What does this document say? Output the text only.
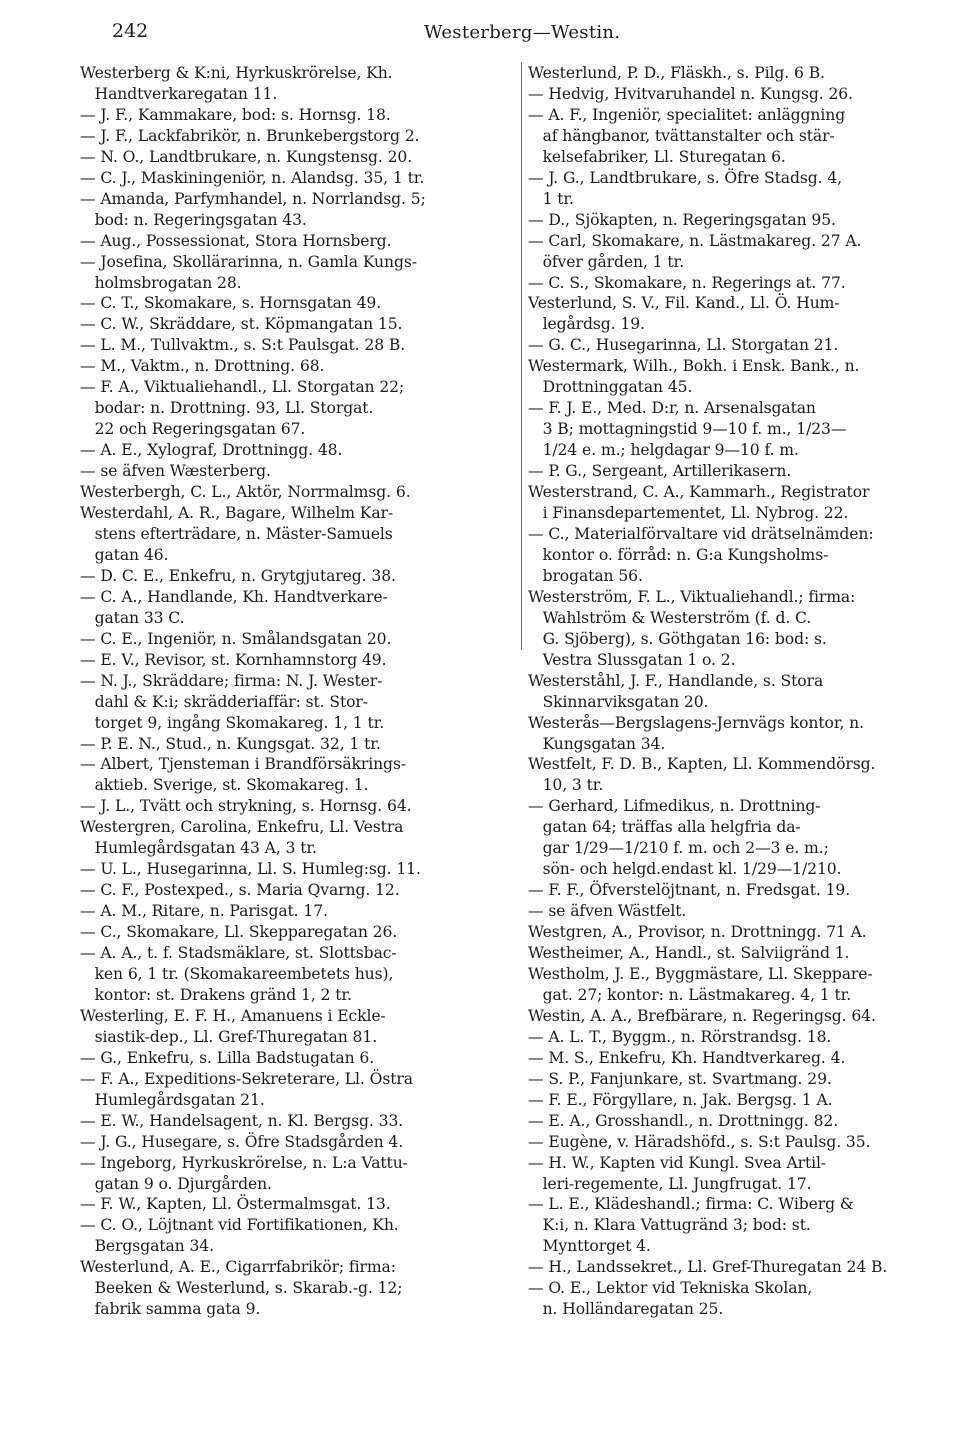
242	Westerberg—Westin.
Westerberg & K:ni, Hyrkuskrörelse, Kh.
Handtverkaregatan 11.
— J. F., Kammakare, bod: s. Hornsg. 18.
— J. F., Lackfabrikör, n. Brunkebergstorg 2.
— N. O., Landtbrukare, n. Kungstensg. 20.
— C. J., Maskiningeniör, n. Alandsg. 35, 1 tr.
— Amanda, Parfymhandel, n. Norrlandsg. 5;
bod: n. Regeringsgatan 43.
— Aug., Possessionat, Stora Hornsberg.
— Josefina, Skollärarinna, n. Gamla Kungs-
holmsbrogatan 28.
— C. T., Skomakare, s. Hornsgatan 49.
— C. W., Skräddare, st. Köpmangatan 15.
— L. M., Tullvaktm., s. S:t Paulsgat. 28 B.
— M., Vaktm., n. Drottning. 68.
— F. A., Viktualiehandl., Ll. Storgatan 22;
bodar: n. Drottning. 93, Ll. Storgat.
22 och Regeringsgatan 67.
— A. E., Xylograf, Drottningg. 48.
— se äfven Wæsterberg.
Westerbergh, C. L., Aktör, Norrmalmsg. 6.
Westerdahl, A. R., Bagare, Wilhelm Kar-
stens efterträdare, n. Mäster-Samuels
gatan 46.
— D. C. E., Enkefru, n. Grytgjutareg. 38.
— C. A., Handlande, Kh. Handtverkare-
gatan 33 C.
— C. E., Ingeniör, n. Smålandsgatan 20.
— E. V., Revisor, st. Kornhamnstorg 49.
— N. J., Skräddare; firma: N. J. Wester-
dahl & K:i; skrädderiaffär: st. Stor-
torget 9, ingång Skomakareg. 1, 1 tr.
— P. E. N., Stud., n. Kungsgat. 32, 1 tr.
— Albert, Tjensteman i Brandförsäkrings-
aktieb. Sverige, st. Skomakareg. 1.
— J. L., Tvätt och strykning, s. Hornsg. 64.
Westergren, Carolina, Enkefru, Ll. Vestra
Humlegårdsgatan 43 A, 3 tr.
— U. L., Husegarinna, Ll. S. Humleg:sg. 11.
— C. F., Postexped., s. Maria Qvarng. 12.
— A. M., Ritare, n. Parisgat. 17.
— C., Skomakare, Ll. Skepparegatan 26.
— A. A., t. f. Stadsmäklare, st. Slottsbac-
ken 6, 1 tr. (Skomakareembetets hus),
kontor: st. Drakens gränd 1, 2 tr.
Westerling, E. F. H., Amanuens i Eckle-
siastik-dep., Ll. Gref-Thuregatan 81.
— G., Enkefru, s. Lilla Badstugatan 6.
— F. A., Expeditions-Sekreterare, Ll. Östra
Humlegårdsgatan 21.
— E. W., Handelsagent, n. Kl. Bergsg. 33.
— J. G., Husegare, s. Öfre Stadsgården 4.
— Ingeborg, Hyrkuskrörelse, n. L:a Vattu-
gatan 9 o. Djurgården.
— F. W., Kapten, Ll. Östermalmsgat. 13.
— C. O., Löjtnant vid Fortifikationen, Kh.
Bergsgatan 34.
Westerlund, A. E., Cigarrfabrikör; firma:
Beeken & Westerlund, s. Skarab.-g. 12;
fabrik samma gata 9.
Westerlund, P. D., Fläskh., s. Pilg. 6 B.
— Hedvig, Hvitvaruhandel n. Kungsg. 26.
— A. F., Ingeniör, specialitet: anläggning
af hängbanor, tvättanstalter och stär-
kelsefabriker, Ll. Sturegatan 6.
— J. G., Landtbrukare, s. Öfre Stadsg. 4,
1 tr.
— D., Sjökapten, n. Regeringsgatan 95.
— Carl, Skomakare, n. Lästmakareg. 27 A.
öfver gården, 1 tr.
— C. S., Skomakare, n. Regerings at. 77.
Vesterlund, S. V., Fil. Kand., Ll. Ö. Hum-
legårdsg. 19.
— G. C., Husegarinna, Ll. Storgatan 21.
Westermark, Wilh., Bokh. i Ensk. Bank., n.
Drottninggatan 45.
— F. J. E., Med. D:r, n. Arsenalsgatan
3 B; mottagningstid 9—10 f. m., 1/23—
1/24 e. m.; helgdagar 9—10 f. m.
— P. G., Sergeant, Artillerikasern.
Westerstrand, C. A., Kammarh., Registrator
i Finansdepartementet, Ll. Nybrog. 22.
— C., Materialförvaltare vid drätselnämden:
kontor o. förråd: n. G:a Kungsholms-
brogatan 56.
Westerström, F. L., Viktualiehandl.; firma:
Wahlström & Westerström (f. d. C.
G. Sjöberg), s. Göthgatan 16: bod: s.
Vestra Slussgatan 1 o. 2.
Westerståhl, J. F., Handlande, s. Stora
Skinnarviksgatan 20.
Westerås—Bergslagens-Jernvägs kontor, n.
Kungsgatan 34.
Westfelt, F. D. B., Kapten, Ll. Kommendörsg.
10, 3 tr.
— Gerhard, Lifmedikus, n. Drottning-
gatan 64; träffas alla helgfria da-
gar 1/29—1/210 f. m. och 2—3 e. m.;
sön- och helgd.endast kl. 1/29—1/210.
— F. F., Öfverstelöjtnant, n. Fredsgat. 19.
— se äfven Wästfelt.
Westgren, A., Provisor, n. Drottningg. 71 A.
Westheimer, A., Handl., st. Salviigränd 1.
Westholm, J. E., Byggmästare, Ll. Skeppare-
gat. 27; kontor: n. Lästmakareg. 4, 1 tr.
Westin, A. A., Brefbärare, n. Regeringsg. 64.
— A. L. T., Byggm., n. Rörstrandsg. 18.
— M. S., Enkefru, Kh. Handtverkareg. 4.
— S. P., Fanjunkare, st. Svartmang. 29.
— F. E., Förgyllare, n. Jak. Bergsg. 1 A.
— E. A., Grosshandl., n. Drottningg. 82.
— Eugène, v. Häradshöfd., s. S:t Paulsg. 35.
— H. W., Kapten vid Kungl. Svea Artil-
leri-regemente, Ll. Jungfrugat. 17.
— L. E., Klädeshandl.; firma: C. Wiberg &
K:i, n. Klara Vattugränd 3; bod: st.
Mynttorget 4.
— H., Landssekret., Ll. Gref-Thuregatan 24 B.
— O. E., Lektor vid Tekniska Skolan,
n. Holländaregatan 25.
